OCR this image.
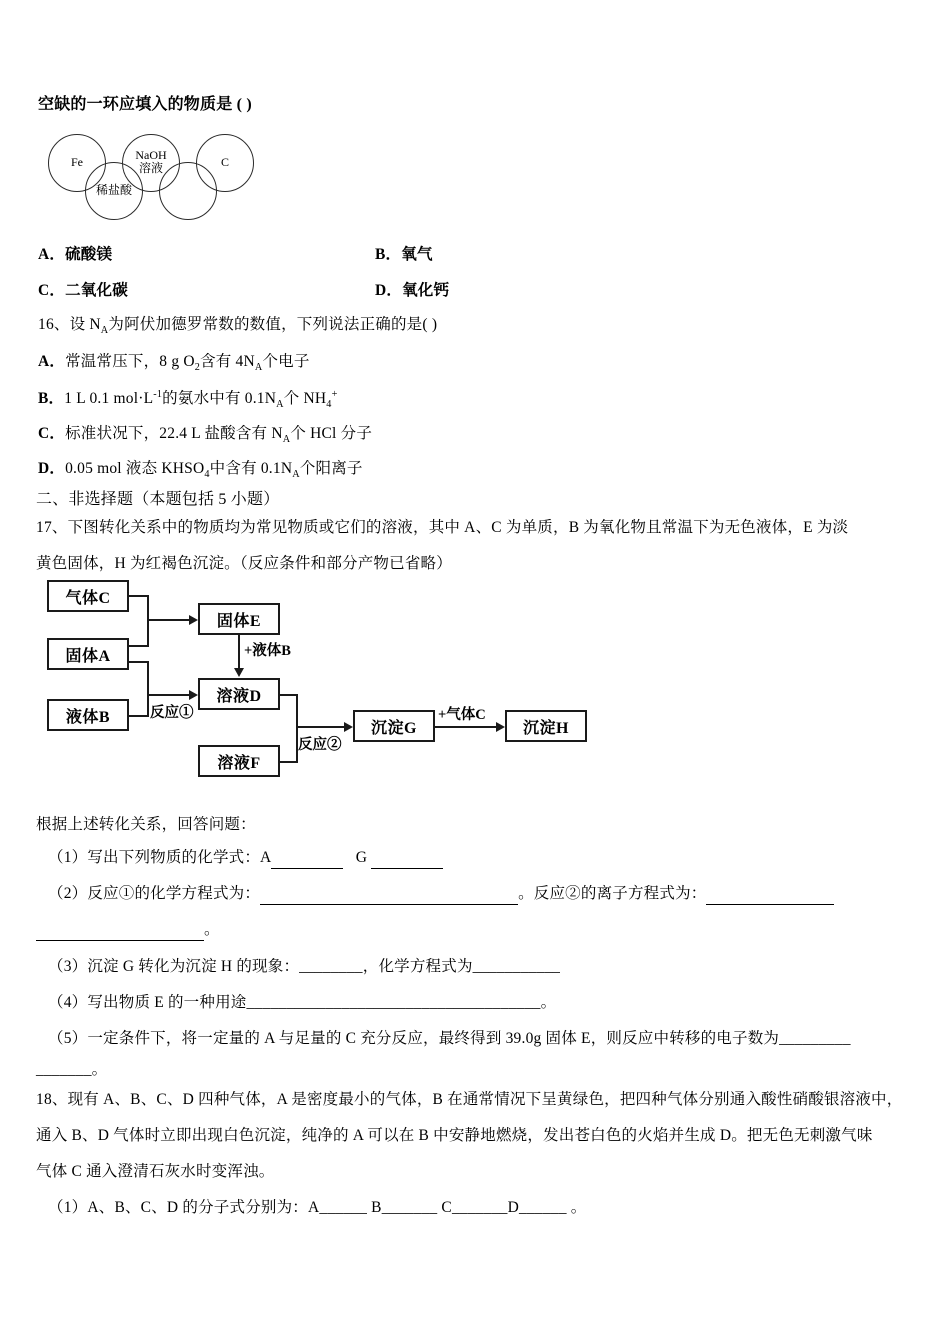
空缺的一环应填入的物质是 ( )
Fe	NaOH
溶液	C
稀盐酸
A．硫酸镁	B．氧气
C．二氧化碳	D．氧化钙
16、设 $N_A$为阿伏加德罗常数的数值，下列说法正确的是( )
A．常温常压下，8 g $O_2$含有 $4N_A$个电子
B．1 L 0.1 $mol\cdot L^{-1}$的氨水中有 $0.1N_A$个 $NH_4^+$
C．标准状况下，22.4 L 盐酸含有 $N_A$个 HCl 分子
D．0.05 mol 液态 $KHSO_4$中含有 $0.1N_A$个阳离子
二、非选择题（本题包括 5 小题）
17、下图转化关系中的物质均为常见物质或它们的溶液，其中 A、C 为单质，B 为氧化物且常温下为无色液体，E 为淡
黄色固体，H 为红褐色沉淀。（反应条件和部分产物已省略）
气体C
固体A
液体B
固体E
溶液D
溶液F
沉淀G	沉淀H
反应①
+液体B
反应②
+气体C
根据上述转化关系，回答问题：
（1）写出下列物质的化学式：A	G
（2）反应①的化学方程式为：	。反应②的离子方程式为：
。
（3）沉淀 G 转化为沉淀 H 的现象：________，化学方程式为___________
（4）写出物质 E 的一种用途_____________________________________。
（5）一定条件下，将一定量的 A 与足量的 C 充分反应，最终得到 39.0g 固体 E，则反应中转移的电子数为_________
_______。
18、现有 A、B、C、D 四种气体，A 是密度最小的气体，B 在通常情况下呈黄绿色，把四种气体分别通入酸性硝酸银溶液中，
通入 B、D 气体时立即出现白色沉淀，纯净的 A 可以在 B 中安静地燃烧，发出苍白色的火焰并生成 D。把无色无刺激气味
气体 C 通入澄清石灰水时变浑浊。
（1）A、B、C、D 的分子式分别为：A______ B_______ C_______D______ 。
